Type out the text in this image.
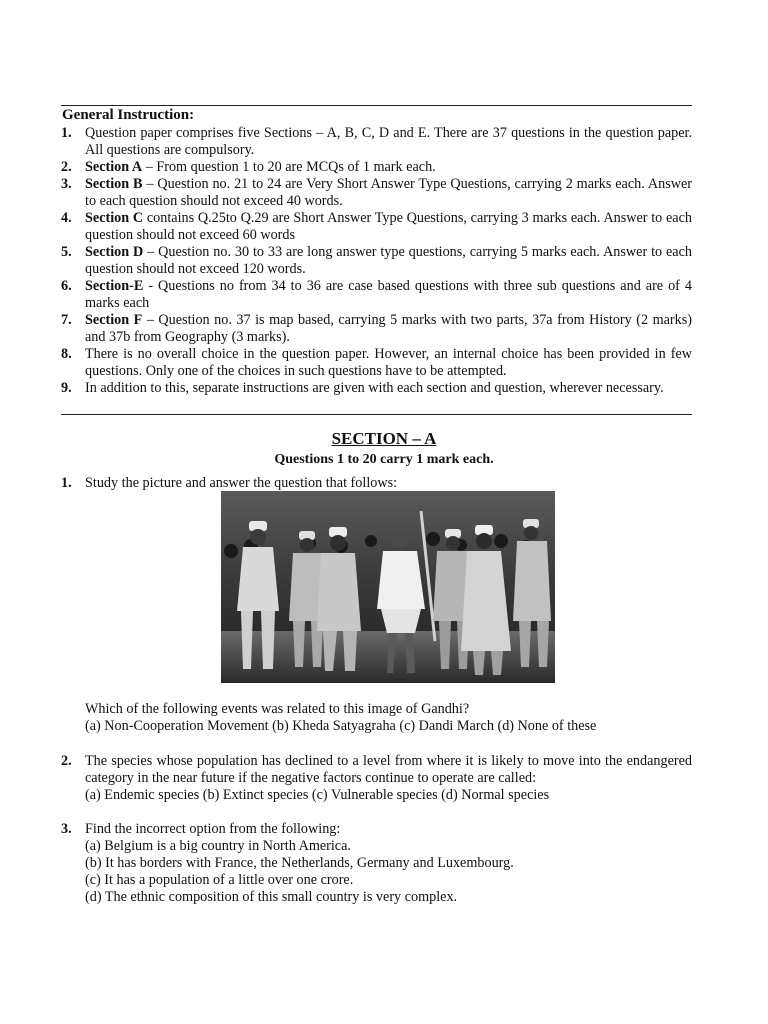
General Instruction:
1. Question paper comprises five Sections – A, B, C, D and E. There are 37 questions in the question paper. All questions are compulsory.
2. Section A – From question 1 to 20 are MCQs of 1 mark each.
3. Section B – Question no. 21 to 24 are Very Short Answer Type Questions, carrying 2 marks each. Answer to each question should not exceed 40 words.
4. Section C contains Q.25to Q.29 are Short Answer Type Questions, carrying 3 marks each. Answer to each question should not exceed 60 words
5. Section D – Question no. 30 to 33 are long answer type questions, carrying 5 marks each. Answer to each question should not exceed 120 words.
6. Section-E - Questions no from 34 to 36 are case based questions with three sub questions and are of 4 marks each
7. Section F – Question no. 37 is map based, carrying 5 marks with two parts, 37a from History (2 marks) and 37b from Geography (3 marks).
8. There is no overall choice in the question paper. However, an internal choice has been provided in few questions. Only one of the choices in such questions have to be attempted.
9. In addition to this, separate instructions are given with each section and question, wherever necessary.
SECTION – A
Questions 1 to 20 carry 1 mark each.
1. Study the picture and answer the question that follows:
Which of the following events was related to this image of Gandhi?
(a) Non-Cooperation Movement (b) Kheda Satyagraha (c) Dandi March (d) None of these
2. The species whose population has declined to a level from where it is likely to move into the endangered category in the near future if the negative factors continue to operate are called:
(a) Endemic species (b) Extinct species (c) Vulnerable species (d) Normal species
3. Find the incorrect option from the following:
(a) Belgium is a big country in North America.
(b) It has borders with France, the Netherlands, Germany and Luxembourg.
(c) It has a population of a little over one crore.
(d) The ethnic composition of this small country is very complex.
